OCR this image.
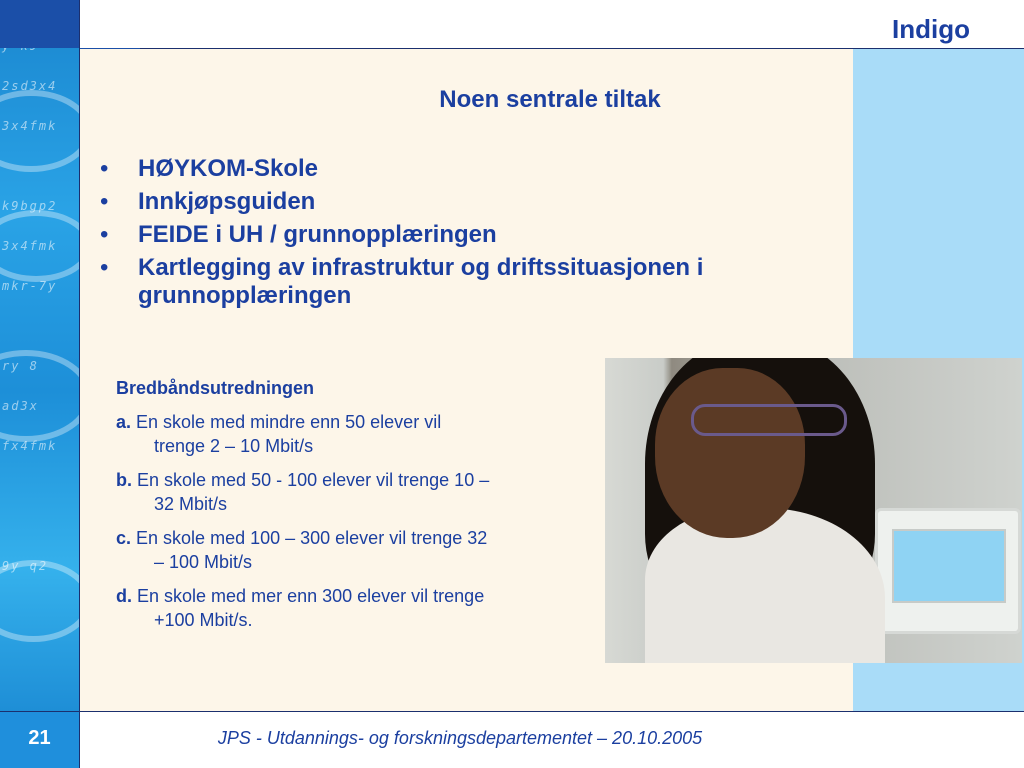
2sd3x4
3x4fmk
k9bgp2
3x4fmk
mkr-7y
ry 8
ad3x
fx4fmk
9y q2
Indigo
Noen sentrale tiltak
• HØYKOM-Skole
• Innkjøpsguiden
• FEIDE i UH / grunnopplæringen
• Kartlegging av infrastruktur og driftssituasjonen i grunnopplæringen
Bredbåndsutredningen
a. En skole med mindre enn 50 elever vil
trenge 2 – 10 Mbit/s
b. En skole med 50 - 100 elever vil trenge 10 –
32 Mbit/s
c. En skole med 100 – 300 elever vil trenge 32
– 100 Mbit/s
d. En skole med mer enn 300 elever vil trenge
+100 Mbit/s.
21	JPS - Utdannings- og forskningsdepartementet – 20.10.2005
